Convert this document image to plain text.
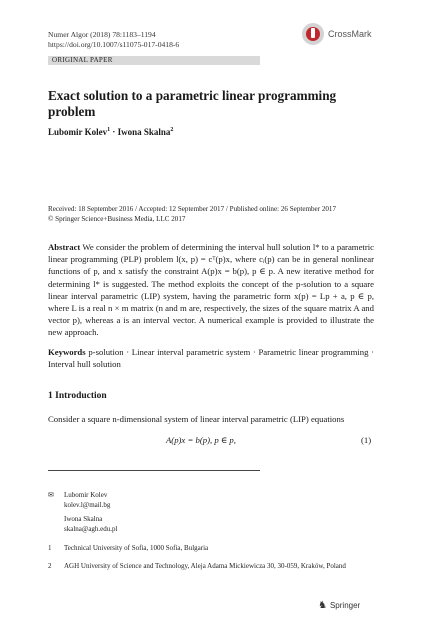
Numer Algor (2018) 78:1183–1194
https://doi.org/10.1007/s11075-017-0418-6
CrossMark
ORIGINAL PAPER
Exact solution to a parametric linear programming problem
Lubomir Kolev$^1$ · Iwona Skalna$^2$
Received: 18 September 2016 / Accepted: 12 September 2017 / Published online: 26 September 2017
© Springer Science+Business Media, LLC 2017
Abstract We consider the problem of determining the interval hull solution l* to a parametric linear programming (PLP) problem l(x, p) = cᵀ(p)x, where cᵢ(p) can be in general nonlinear functions of p, and x satisfy the constraint A(p)x = b(p), p ∈ p. A new iterative method for determining l* is suggested. The method exploits the concept of the p-solution to a square linear interval parametric (LIP) system, having the parametric form x(p) = Lp + a, p ∈ p, where L is a real n × m matrix (n and m are, respectively, the sizes of the square matrix A and vector p), whereas a is an interval vector. A numerical example is provided to illustrate the new approach.
Keywords p-solution · Linear interval parametric system · Parametric linear programming · Interval hull solution
1 Introduction
Consider a square n-dimensional system of linear interval parametric (LIP) equations
A(p)x = b(p), p ∈ p,	(1)
✉ Lubomir Kolev
kolev.l@mail.bg
Iwona Skalna
skalna@agh.edu.pl
1 Technical University of Sofia, 1000 Sofia, Bulgaria
2 AGH University of Science and Technology, Aleja Adama Mickiewicza 30, 30-059, Kraków, Poland
♞ Springer
